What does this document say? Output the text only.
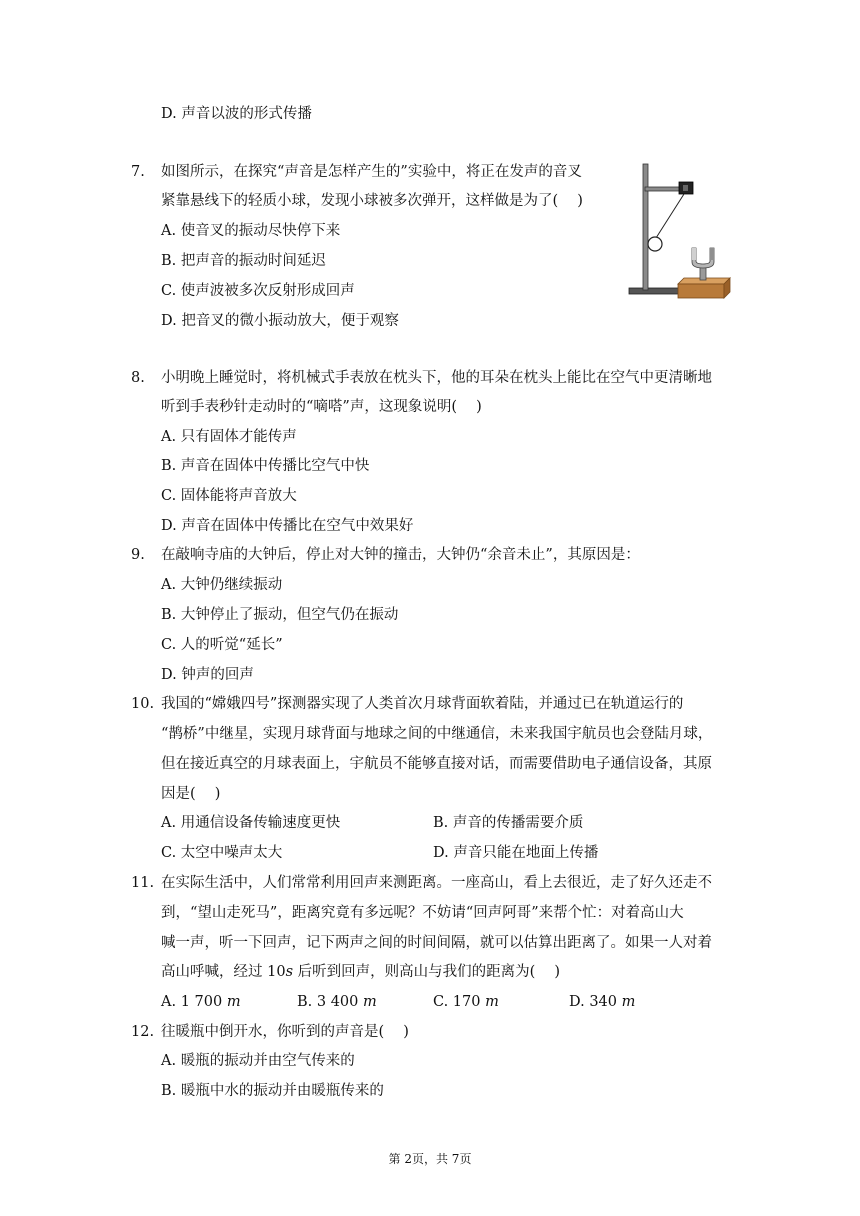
D. 声音以波的形式传播
7. 如图所示，在探究“声音是怎样产生的”实验中，将正在发声的音叉
紧靠悬线下的轻质小球，发现小球被多次弹开，这样做是为了(　 )
A. 使音叉的振动尽快停下来
B. 把声音的振动时间延迟
C. 使声波被多次反射形成回声
D. 把音叉的微小振动放大，便于观察
8. 小明晚上睡觉时，将机械式手表放在枕头下，他的耳朵在枕头上能比在空气中更清晰地
听到手表秒针走动时的“嘀嗒”声，这现象说明(　 )
A. 只有固体才能传声
B. 声音在固体中传播比空气中快
C. 固体能将声音放大
D. 声音在固体中传播比在空气中效果好
9. 在敲响寺庙的大钟后，停止对大钟的撞击，大钟仍“余音未止”，其原因是：
A. 大钟仍继续振动
B. 大钟停止了振动，但空气仍在振动
C. 人的听觉“延长”
D. 钟声的回声
10. 我国的“嫦娥四号”探测器实现了人类首次月球背面软着陆，并通过已在轨道运行的
“鹊桥”中继星，实现月球背面与地球之间的中继通信，未来我国宇航员也会登陆月球，
但在接近真空的月球表面上，宇航员不能够直接对话，而需要借助电子通信设备，其原
因是(　 )
A. 用通信设备传输速度更快	B. 声音的传播需要介质
C. 太空中噪声太大	D. 声音只能在地面上传播
11. 在实际生活中，人们常常利用回声来测距离。一座高山，看上去很近，走了好久还走不
到，“望山走死马”，距离究竟有多远呢？不妨请“回声阿哥”来帮个忙：对着高山大
喊一声，听一下回声，记下两声之间的时间间隔，就可以估算出距离了。如果一人对着
高山呼喊，经过 10s 后听到回声，则高山与我们的距离为(　 )
A. 1 700 m	B. 3 400 m	C. 170 m	D. 340 m
12. 往暖瓶中倒开水，你听到的声音是(　 )
A. 暖瓶的振动并由空气传来的
B. 暖瓶中水的振动并由暖瓶传来的
第 2页，共 7页
